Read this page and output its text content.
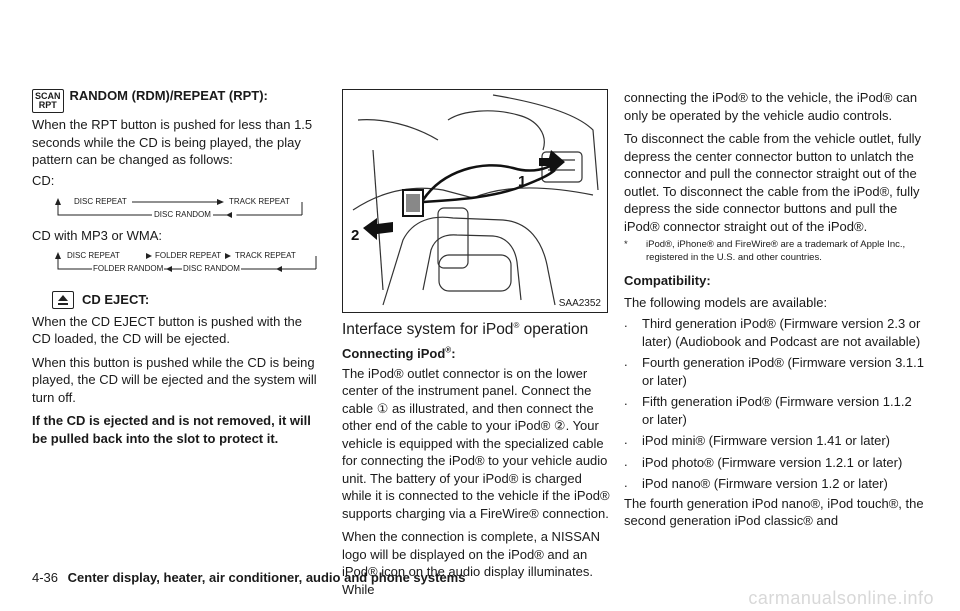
SCAN
RPT

RANDOM (RDM)/REPEAT (RPT):

When the RPT button is pushed for less than 1.5 seconds while the CD is being played, the play pattern can be changed as follows:

CD:

DISC REPEAT	TRACK REPEAT
DISC RANDOM

CD with MP3 or WMA:

DISC REPEAT	FOLDER REPEAT TRACK REPEAT
FOLDER RANDOM DISC RANDOM

CD EJECT:

When the CD EJECT button is pushed with the CD loaded, the CD will be ejected.

When this button is pushed while the CD is being played, the CD will be ejected and the system will turn off.

If the CD is ejected and is not removed, it will be pulled back into the slot to protect it.

1
2
SAA2352

Interface system for iPod® operation

Connecting iPod®:

The iPod® outlet connector is on the lower center of the instrument panel. Connect the cable ① as illustrated, and then connect the other end of the cable to your iPod® ②. Your vehicle is equipped with the specialized cable for connecting the iPod® to your vehicle audio unit. The battery of your iPod® is charged while it is connected to the vehicle if the iPod® supports charging via a FireWire® connection.

When the connection is complete, a NISSAN logo will be displayed on the iPod® and an iPod® icon on the audio display illuminates. While

connecting the iPod® to the vehicle, the iPod® can only be operated by the vehicle audio controls.

To disconnect the cable from the vehicle outlet, fully depress the center connector button to unlatch the connector and pull the connector straight out of the outlet. To disconnect the cable from the iPod®, fully depress the side connector buttons and pull the iPod® connector straight out of the iPod®.

*	iPod®, iPhone® and FireWire® are a trademark of Apple Inc., registered in the U.S. and other countries.

Compatibility:

The following models are available:

.	Third generation iPod® (Firmware version 2.3 or later) (Audiobook and Podcast are not available)
.	Fourth generation iPod® (Firmware version 3.1.1 or later)
.	Fifth generation iPod® (Firmware version 1.1.2 or later)
.	iPod mini® (Firmware version 1.41 or later)
.	iPod photo® (Firmware version 1.2.1 or later)
.	iPod nano® (Firmware version 1.2 or later)

The fourth generation iPod nano®, iPod touch®, the second generation iPod classic® and

4-36 Center display, heater, air conditioner, audio and phone systems
carmanualsonline.info
